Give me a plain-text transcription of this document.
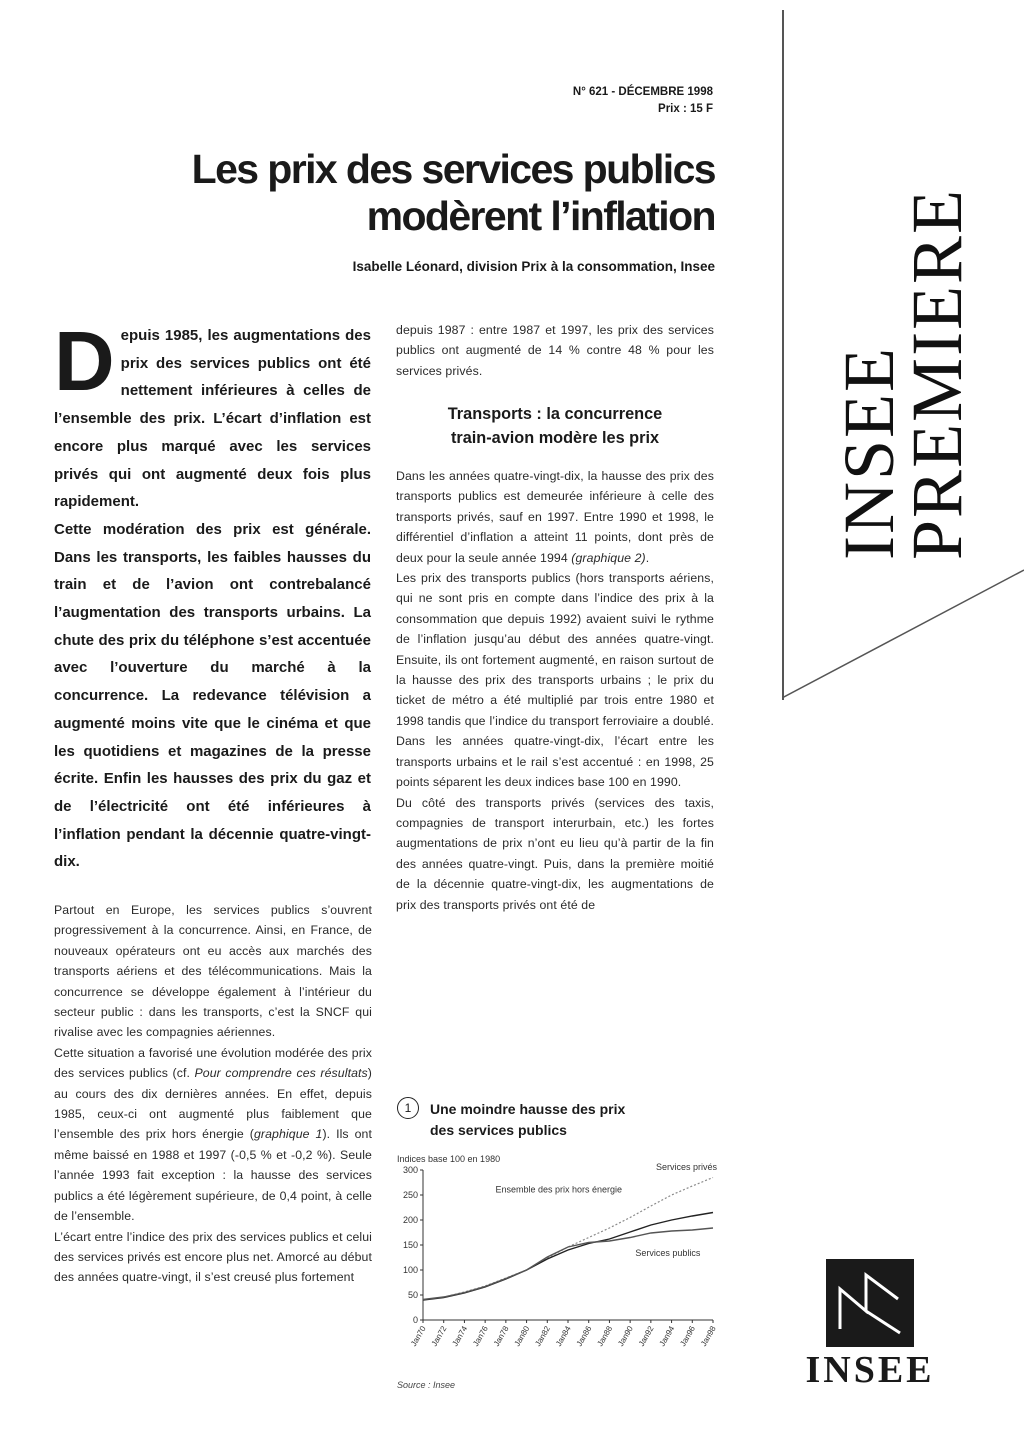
INSEE
PREMIERE
N° 621 - DÉCEMBRE 1998
Prix : 15 F
Les prix des services publics
modèrent l’inflation
Isabelle Léonard, division Prix à la consommation, Insee

Depuis 1985, les augmentations des prix des services publics ont été nettement inférieures à celles de l’ensemble des prix. L’écart d’inflation est encore plus marqué avec les services privés qui ont augmenté deux fois plus rapidement.

Cette modération des prix est générale. Dans les transports, les faibles hausses du train et de l’avion ont contrebalancé l’augmentation des transports urbains. La chute des prix du téléphone s’est accentuée avec l’ouverture du marché à la concurrence. La redevance télévision a augmenté moins vite que le cinéma et que les quotidiens et magazines de la presse écrite. Enfin les hausses des prix du gaz et de l’électricité ont été inférieures à l’inflation pendant la décennie quatre-vingt-dix.

Partout en Europe, les services publics s’ouvrent progressivement à la concurrence. Ainsi, en France, de nouveaux opérateurs ont eu accès aux marchés des transports aériens et des télécommunications. Mais la concurrence se développe également à l’intérieur du secteur public : dans les transports, c’est la SNCF qui rivalise avec les compagnies aériennes.

Cette situation a favorisé une évolution modérée des prix des services publics (cf. Pour comprendre ces résultats) au cours des dix dernières années. En effet, depuis 1985, ceux-ci ont augmenté plus faiblement que l’ensemble des prix hors énergie (graphique 1). Ils ont même baissé en 1988 et 1997 (-0,5 % et -0,2 %). Seule l’année 1993 fait exception : la hausse des services publics a été légèrement supérieure, de 0,4 point, à celle de l’ensemble.

L’écart entre l’indice des prix des services publics et celui des services privés est encore plus net. Amorcé au début des années quatre-vingt, il s’est creusé plus fortement

depuis 1987 : entre 1987 et 1997, les prix des services publics ont augmenté de 14 % contre 48 % pour les services privés.

Transports : la concurrence
train-avion modère les prix

Dans les années quatre-vingt-dix, la hausse des prix des transports publics est demeurée inférieure à celle des transports privés, sauf en 1997. Entre 1990 et 1998, le différentiel d’inflation a atteint 11 points, dont près de deux pour la seule année 1994 (graphique 2).

Les prix des transports publics (hors transports aériens, qui ne sont pris en compte dans l’indice des prix à la consommation que depuis 1992) avaient suivi le rythme de l’inflation jusqu’au début des années quatre-vingt. Ensuite, ils ont fortement augmenté, en raison surtout de la hausse des prix des transports urbains ; le prix du ticket de métro a été multiplié par trois entre 1980 et 1998 tandis que l’indice du transport ferroviaire a doublé. Dans les années quatre-vingt-dix, l’écart entre les transports urbains et le rail s’est accentué : en 1998, 25 points séparent les deux indices base 100 en 1990.

Du côté des transports privés (services des taxis, compagnies de transport interurbain, etc.) les fortes augmentations de prix n’ont eu lieu qu’à partir de la fin des années quatre-vingt. Puis, dans la première moitié de la décennie quatre-vingt-dix, les augmentations de prix des transports privés ont été de

1	Une moindre hausse des prix
des services publics
Indices base 100 en 1980
0
50
100
150
200
250
300
Jan70 Jan72 Jan74 Jan76 Jan78 Jan80 Jan82 Jan84 Jan86 Jan88 Jan90 Jan92 Jan94 Jan96 Jan98
Services privés
Ensemble des prix hors énergie
Services publics
Source : Insee	INSEE
